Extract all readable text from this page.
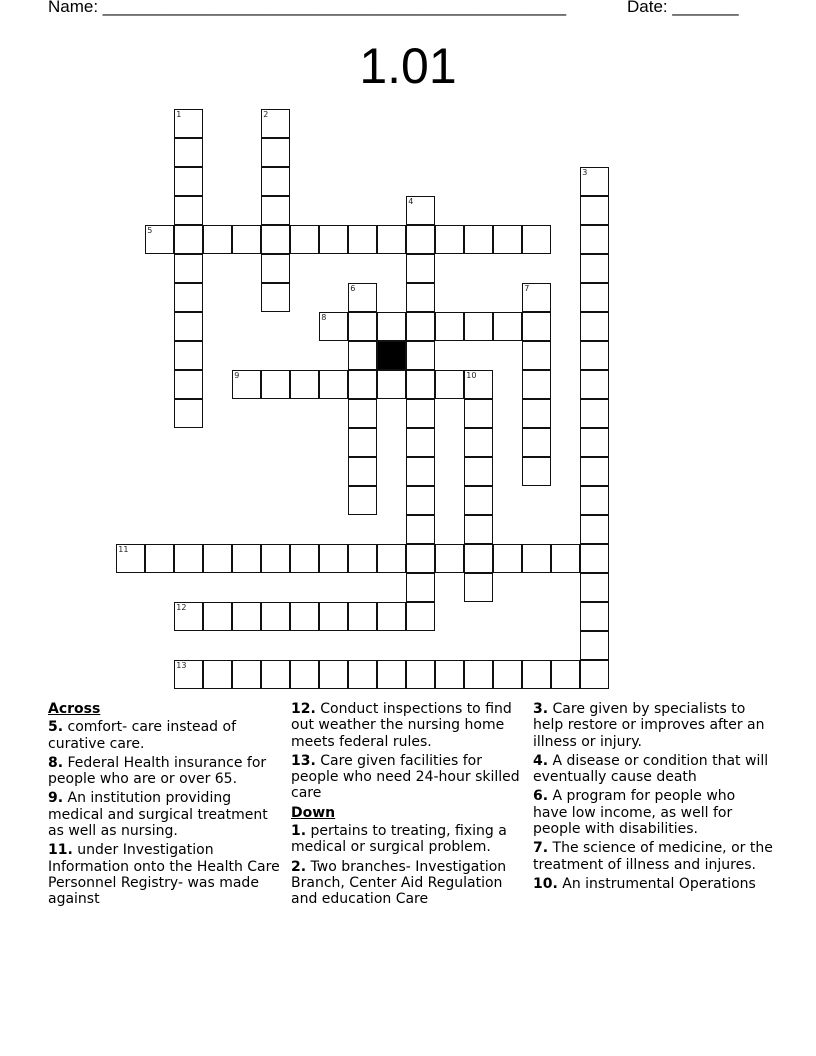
Name: _________________________________________________	Date: _______
1.01
1	2
3
4
5
6	7
8
9	10
11
12
13
Across
5. comfort- care instead of curative care.
8. Federal Health insurance for people who are or over 65.
9. An institution providing medical and surgical treatment as well as nursing.
11. under Investigation Information onto the Health Care Personnel Registry- was made against
12. Conduct inspections to find out weather the nursing home meets federal rules.
13. Care given facilities for people who need 24-hour skilled care
Down
1. pertains to treating, fixing a medical or surgical problem.
2. Two branches- Investigation Branch, Center Aid Regulation and education Care
3. Care given by specialists to help restore or improves after an illness or injury.
4. A disease or condition that will eventually cause death
6. A program for people who have low income, as well for people with disabilities.
7. The science of medicine, or the treatment of illness and injures.
10. An instrumental Operations
